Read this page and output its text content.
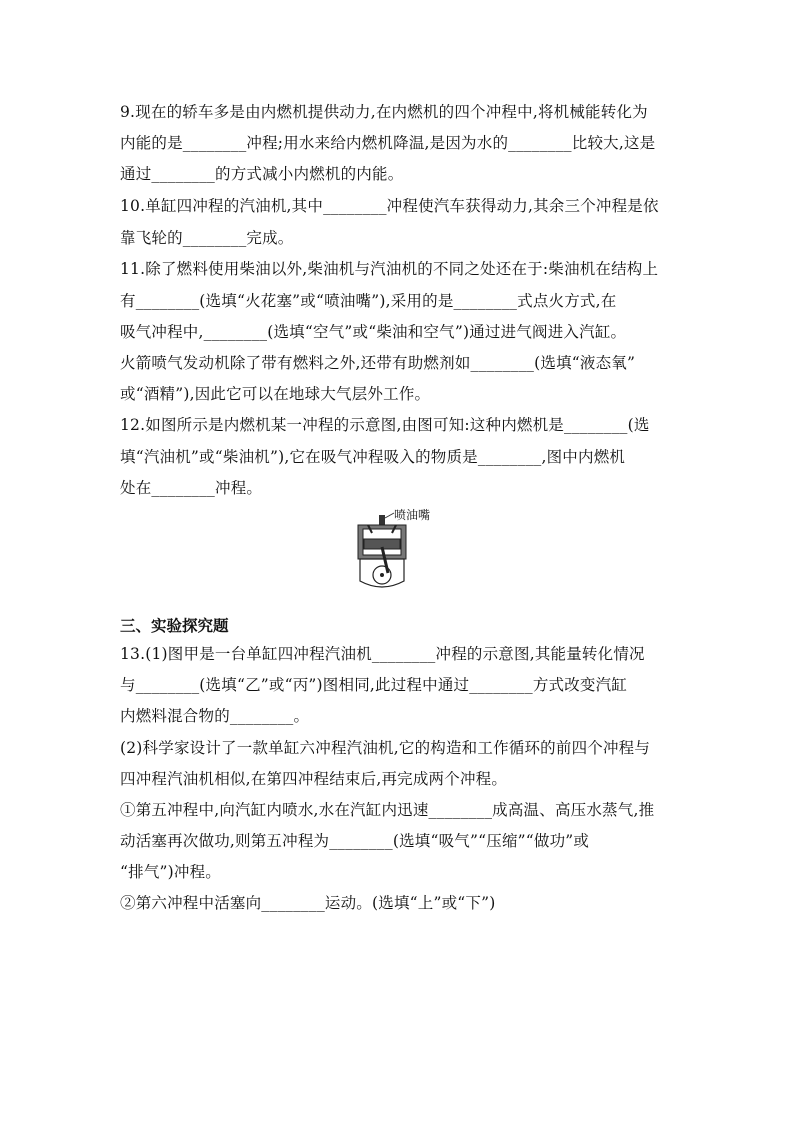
9.现在的轿车多是由内燃机提供动力,在内燃机的四个冲程中,将机械能转化为
内能的是________冲程;用水来给内燃机降温,是因为水的________比较大,这是
通过________的方式减小内燃机的内能。
10.单缸四冲程的汽油机,其中________冲程使汽车获得动力,其余三个冲程是依
靠飞轮的________完成。
11.除了燃料使用柴油以外,柴油机与汽油机的不同之处还在于:柴油机在结构上
有________(选填“火花塞”或“喷油嘴”),采用的是________式点火方式,在
吸气冲程中,________(选填“空气”或“柴油和空气”)通过进气阀进入汽缸。
火箭喷气发动机除了带有燃料之外,还带有助燃剂如________(选填“液态氧”
或“酒精”),因此它可以在地球大气层外工作。
12.如图所示是内燃机某一冲程的示意图,由图可知:这种内燃机是________(选
填“汽油机”或“柴油机”),它在吸气冲程吸入的物质是________,图中内燃机
处在________冲程。
喷油嘴
三、实验探究题
13.(1)图甲是一台单缸四冲程汽油机________冲程的示意图,其能量转化情况
与________(选填“乙”或“丙”)图相同,此过程中通过________方式改变汽缸
内燃料混合物的________。
(2)科学家设计了一款单缸六冲程汽油机,它的构造和工作循环的前四个冲程与
四冲程汽油机相似,在第四冲程结束后,再完成两个冲程。
①第五冲程中,向汽缸内喷水,水在汽缸内迅速________成高温、高压水蒸气,推
动活塞再次做功,则第五冲程为________(选填“吸气”“压缩”“做功”或
“排气”)冲程。
②第六冲程中活塞向________运动。(选填“上”或“下”)
